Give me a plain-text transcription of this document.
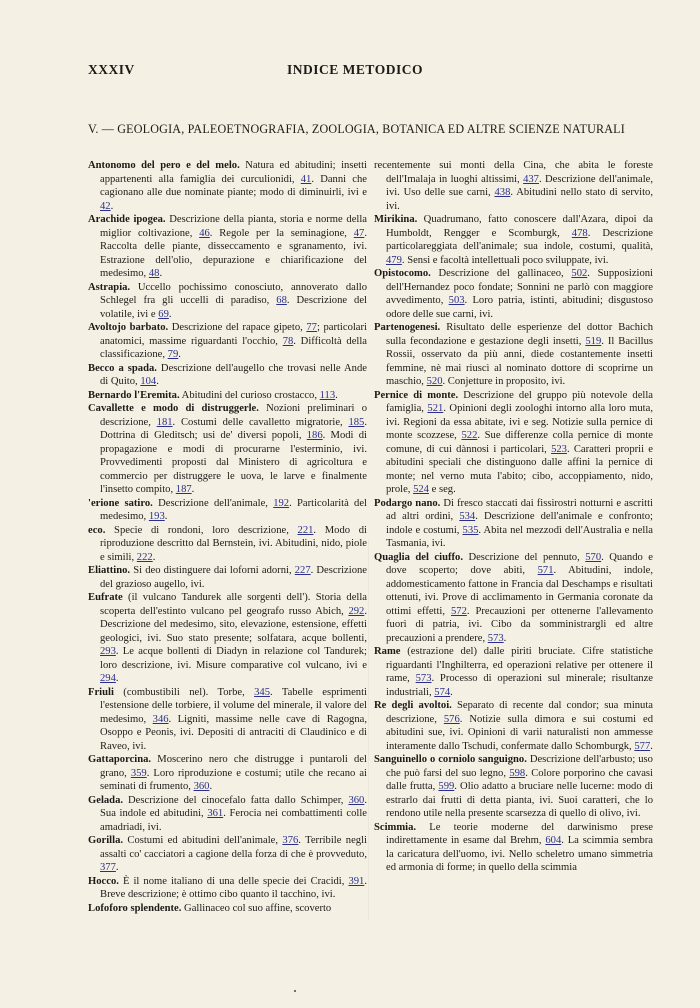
XXXIV	INDICE METODICO
V. — GEOLOGIA, PALEOETNOGRAFIA, ZOOLOGIA, BOTANICA ED ALTRE SCIENZE NATURALI

Antonomo del pero e del melo. Natura ed abitudini; insetti appartenenti alla famiglia dei curculionidi, 41. Danni che cagionano alle due nominate piante; modo di diminuirli, ivi e 42.

Arachide ipogea. Descrizione della pianta, storia e norme della miglior coltivazione, 46. Regole per la seminagione, 47. Raccolta delle piante, disseccamento e sgranamento, ivi. Estrazione dell'olio, depurazione e chiarificazione del medesimo, 48.

Astrapia. Uccello pochissimo conosciuto, annoverato dallo Schlegel fra gli uccelli di paradiso, 68. Descrizione del volatile, ivi e 69.

Avoltojo barbato. Descrizione del rapace gipeto, 77; particolari anatomici, massime riguardanti l'occhio, 78. Difficoltà della classificazione, 79.

Becco a spada. Descrizione dell'augello che trovasi nelle Ande di Quito, 104.

Bernardo l'Eremita. Abitudini del curioso crostacco, 113.

Cavallette e modo di distruggerle. Nozioni preliminari o descrizione, 181. Costumi delle cavalletto migratorie, 185. Dottrina di Gleditsch; usi de' diversi popoli, 186. Modi di propagazione e modi di procurarne l'esterminio, ivi. Provvedimenti proposti dal Ministero di agricoltura e commercio per distruggere le uova, le larve e finalmente l'insetto compito, 187.

'erione satiro. Descrizione dell'animale, 192. Particolarità del medesimo, 193.

eco. Specie di rondoni, loro descrizione, 221. Modo di riproduzione descritto dal Bernstein, ivi. Abitudini, nido, piole e simili, 222.

Eliattino. Si deo distinguere dai loforni adorni, 227. Descrizione del grazioso augello, ivi.

Eufrate (il vulcano Tandurek alle sorgenti dell'). Storia della scoperta dell'estinto vulcano pel geografo russo Abich, 292. Descrizione del medesimo, sito, elevazione, estensione, effetti geologici, ivi. Suo stato presente; solfatara, acque bollenti, 293. Le acque bollenti di Diadyn in relazione col Tandurek; loro descrizione, ivi. Misure comparative col vulcano, ivi e 294.

Friuli (combustibili nel). Torbe, 345. Tabelle esprimenti l'estensione delle torbiere, il volume del minerale, il valore del medesimo, 346. Ligniti, massime nelle cave di Ragogna, Osoppo e Peonis, ivi. Depositi di antraciti di Claudinico e di Raveo, ivi.

Gattaporcina. Moscerino nero che distrugge i puntaroli del grano, 359. Loro riproduzione e costumi; utile che recano ai seminati di frumento, 360.

Gelada. Descrizione del cinocefalo fatta dallo Schimper, 360. Sua indole ed abitudini, 361. Ferocia nei combattimenti colle amadriadi, ivi.

Gorilla. Costumi ed abitudini dell'animale, 376. Terribile negli assalti co' cacciatori a cagione della forza di che è provveduto, 377.

Hocco. È il nome italiano di una delle specie dei Cracidi, 391. Breve descrizione; è ottimo cibo quanto il tacchino, ivi.

Lofoforo splendente. Gallinaceo col suo affine, scoverto

recentemente sui monti della Cina, che abita le foreste dell'Imalaja in luoghi altissimi, 437. Descrizione dell'animale, ivi. Uso delle sue carni, 438. Abitudini nello stato di servito, ivi.

Mirikina. Quadrumano, fatto conoscere dall'Azara, dipoi da Humboldt, Rengger e Scomburgk, 478. Descrizione particolareggiata dell'animale; sua indole, costumi, qualità, 479. Sensi e facoltà intellettuali poco sviluppate, ivi.

Opistocomo. Descrizione del gallinaceo, 502. Supposizioni dell'Hernandez poco fondate; Sonnini ne parlò con maggiore avvedimento, 503. Loro patria, istinti, abitudini; disgustoso odore delle sue carni, ivi.

Partenogenesi. Risultato delle esperienze del dottor Bachich sulla fecondazione e gestazione degli insetti, 519. Il Bacillus Rossii, osservato da più anni, diede costantemente insetti femmine, nè mai riuscì al nominato dottore di scoprirne un maschio, 520. Conjetture in proposito, ivi.

Pernice di monte. Descrizione del gruppo più notevole della famiglia, 521. Opinioni degli zoologhi intorno alla loro muta, ivi. Regioni da essa abitate, ivi e seg. Notizie sulla pernice di monte scozzese, 522. Sue differenze colla pernice di monte comune, di cui dànnosi i particolari, 523. Caratteri proprii e abitudini speciali che distinguono dalle affini la pernice di monte; nel verno muta l'abito; cibo, accoppiamento, nido, prole, 524 e seg.

Podargo nano. Di fresco staccati dai fissirostri notturni e ascritti ad altri ordini, 534. Descrizione dell'animale e confronto; indole e costumi, 535. Abita nel mezzodì dell'Australia e nella Tasmania, ivi.

Quaglia del ciuffo. Descrizione del pennuto, 570. Quando e dove scoperto; dove abiti, 571. Abitudini, indole, addomesticamento fattone in Francia dal Deschamps e risultati ottenuti, ivi. Prove di acclimamento in Germania coronate da ottimi effetti, 572. Precauzioni per ottenerne l'allevamento fuori di patria, ivi. Cibo da somministrargli ed altre precauzioni a prendere, 573.

Rame (estrazione del) dalle piriti bruciate. Cifre statistiche riguardanti l'Inghilterra, ed operazioni relative per ottenere il rame, 573. Processo di operazioni sul minerale; risultanze industriali, 574.

Re degli avoltoi. Separato di recente dal condor; sua minuta descrizione, 576. Notizie sulla dimora e sui costumi ed abitudini sue, ivi. Opinioni di varii naturalisti non ammesse interamente dallo Tschudi, confermate dallo Schomburgk, 577.

Sanguinello o corniolo sanguigno. Descrizione dell'arbusto; uso che può farsi del suo legno, 598. Colore porporino che cavasi dalle frutta, 599. Olio adatto a bruciare nelle lucerne: modo di estrarlo dai frutti di detta pianta, ivi. Suoi caratteri, che lo rendono utile nella presente scarsezza di quello di olivo, ivi.

Scimmia. Le teorie moderne del darwinismo prese indirettamente in esame dal Brehm, 604. La scimmia sembra la caricatura dell'uomo, ivi. Nello scheletro umano simmetria ed armonia di forme; in quello della scimmia
